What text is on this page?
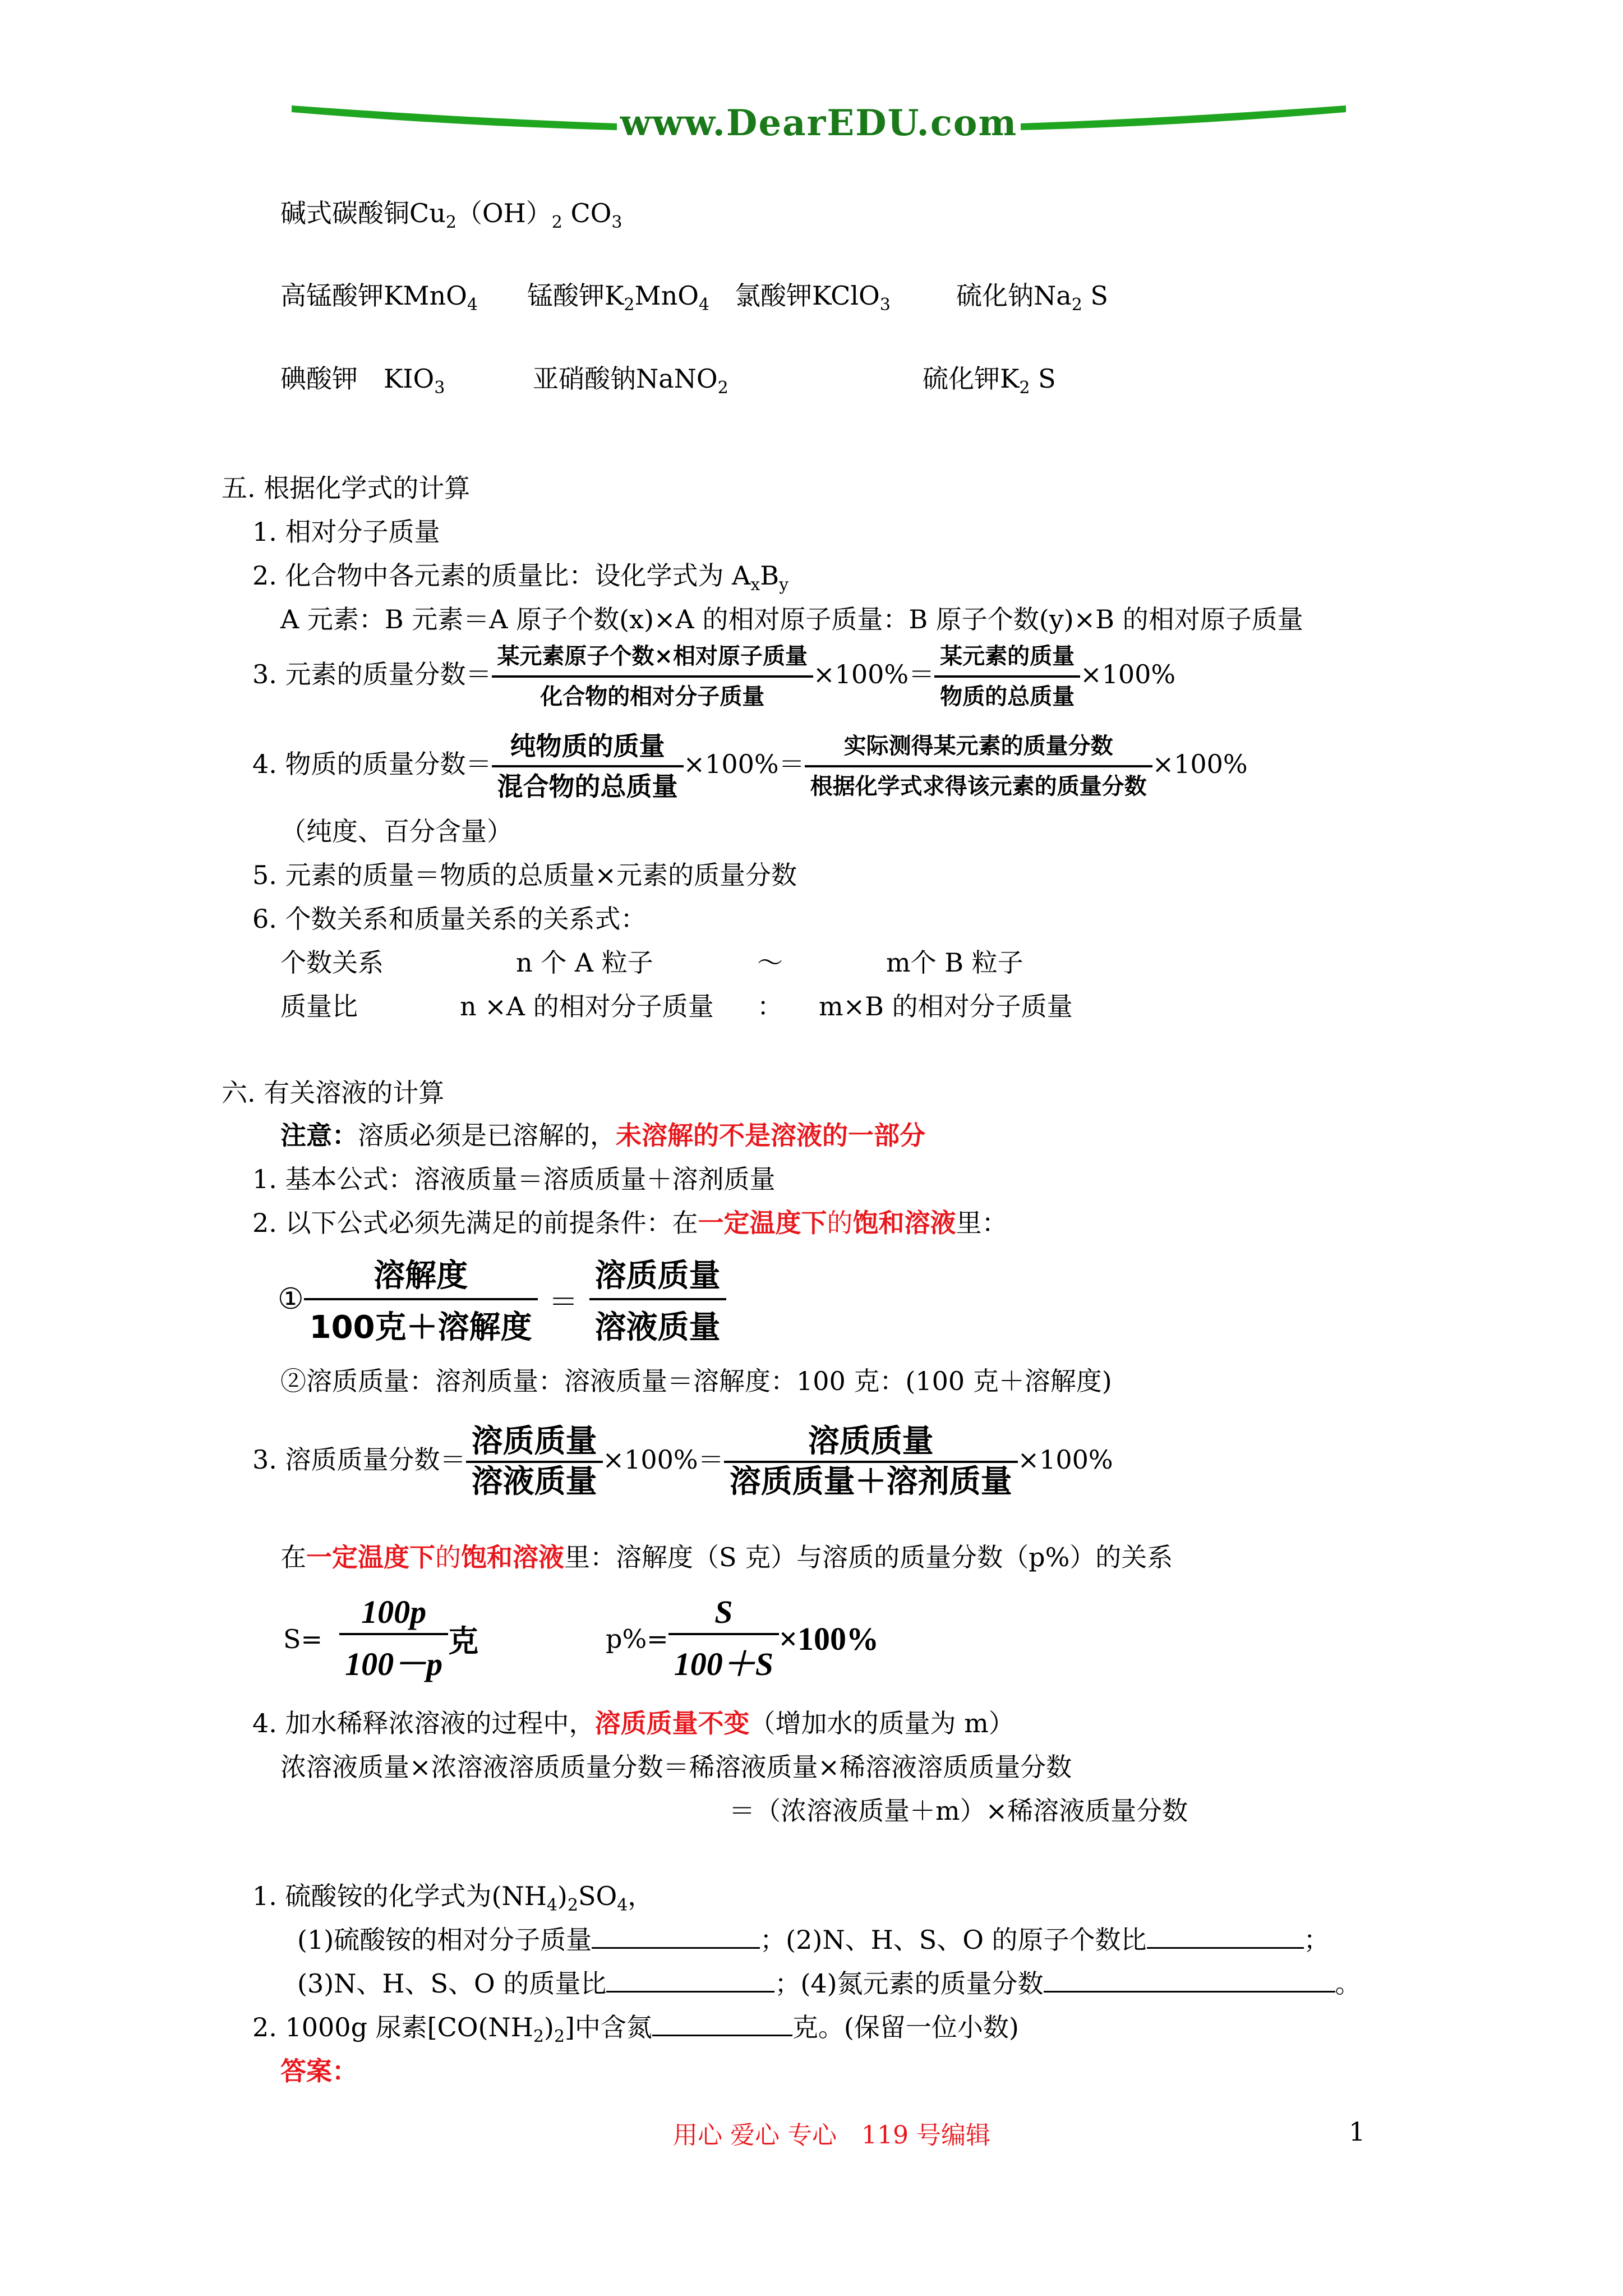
www.DearEDU.com
碱式碳酸铜$Cu_2(OH)_2$ $CO_3$
高锰酸钾KMnO$_4$ 锰酸钾$K_2MnO_4$ 氯酸钾KClO$_3$	硫化钠$Na_2$ S
碘酸钾　$KIO_3$	亚硝酸钠NaNO$_2$	硫化钾$K_2$ S
五. 根据化学式的计算
1. 相对分子质量
2. 化合物中各元素的质量比：设化学式为 $A_xB_y$
A 元素：B 元素＝A 原子个数(x)×A 的相对原子质量：B 原子个数(y)×B 的相对原子质量
3. 元素的质量分数＝ $\frac{\text{某元素原子个数×相对原子质量}}{\text{化合物的相对分子质量}} \times 100\%= \frac{\text{某元素的质量}}{\text{物质的总质量}} \times 100\%$
4. 物质的质量分数＝ $\frac{\text{纯物质的质量}}{\text{混合物的总质量}} \times 100\%= \frac{\text{实际测得某元素的质量分数}}{\text{根据化学式求得该元素的质量分数}} \times 100\%$
（纯度、百分含量）
5. 元素的质量＝物质的总质量×元素的质量分数
6. 个数关系和质量关系的关系式：
个数关系	n 个 A 粒子	～	m个 B 粒子
质量比	n ×A 的相对分子质量 ： m×B 的相对分子质量
六. 有关溶液的计算
注意：溶质必须是已溶解的，未溶解的不是溶液的一部分
1. 基本公式：溶液质量＝溶质质量＋溶剂质量
2. 以下公式必须先满足的前提条件：在一定温度下的饱和溶液里：
① $\frac{\text{溶解度}}{\text{100克＋溶解度}} = \frac{\text{溶质质量}}{\text{溶液质量}}$
②溶质质量：溶剂质量：溶液质量＝溶解度：100 克：(100 克＋溶解度)
3. 溶质质量分数＝ $\frac{\text{溶质质量}}{\text{溶液质量}} \times 100\%= \frac{\text{溶质质量}}{\text{溶质质量＋溶剂质量}} \times 100\%$
在一定温度下的饱和溶液里：溶解度（S 克）与溶质的质量分数（p%）的关系
$S= \frac{100p}{100-p}$ 克	$p\%= \frac{S}{100+S} \times 100\%$
4. 加水稀释浓溶液的过程中，溶质质量不变（增加水的质量为 m）
浓溶液质量×浓溶液溶质质量分数＝稀溶液质量×稀溶液溶质质量分数
＝（浓溶液质量＋m）×稀溶液质量分数
1. 硫酸铵的化学式为$(NH_4)_2SO_4$，
(1)硫酸铵的相对分子质量	；(2)N、H、S、O 的原子个数比	；
(3)N、H、S、O 的质量比	；(4)氮元素的质量分数	。
2. 1000g 尿素$[CO(NH_2)_2]$中含氮	克。(保留一位小数)
答案：
用心 爱心 专心　119 号编辑	1
